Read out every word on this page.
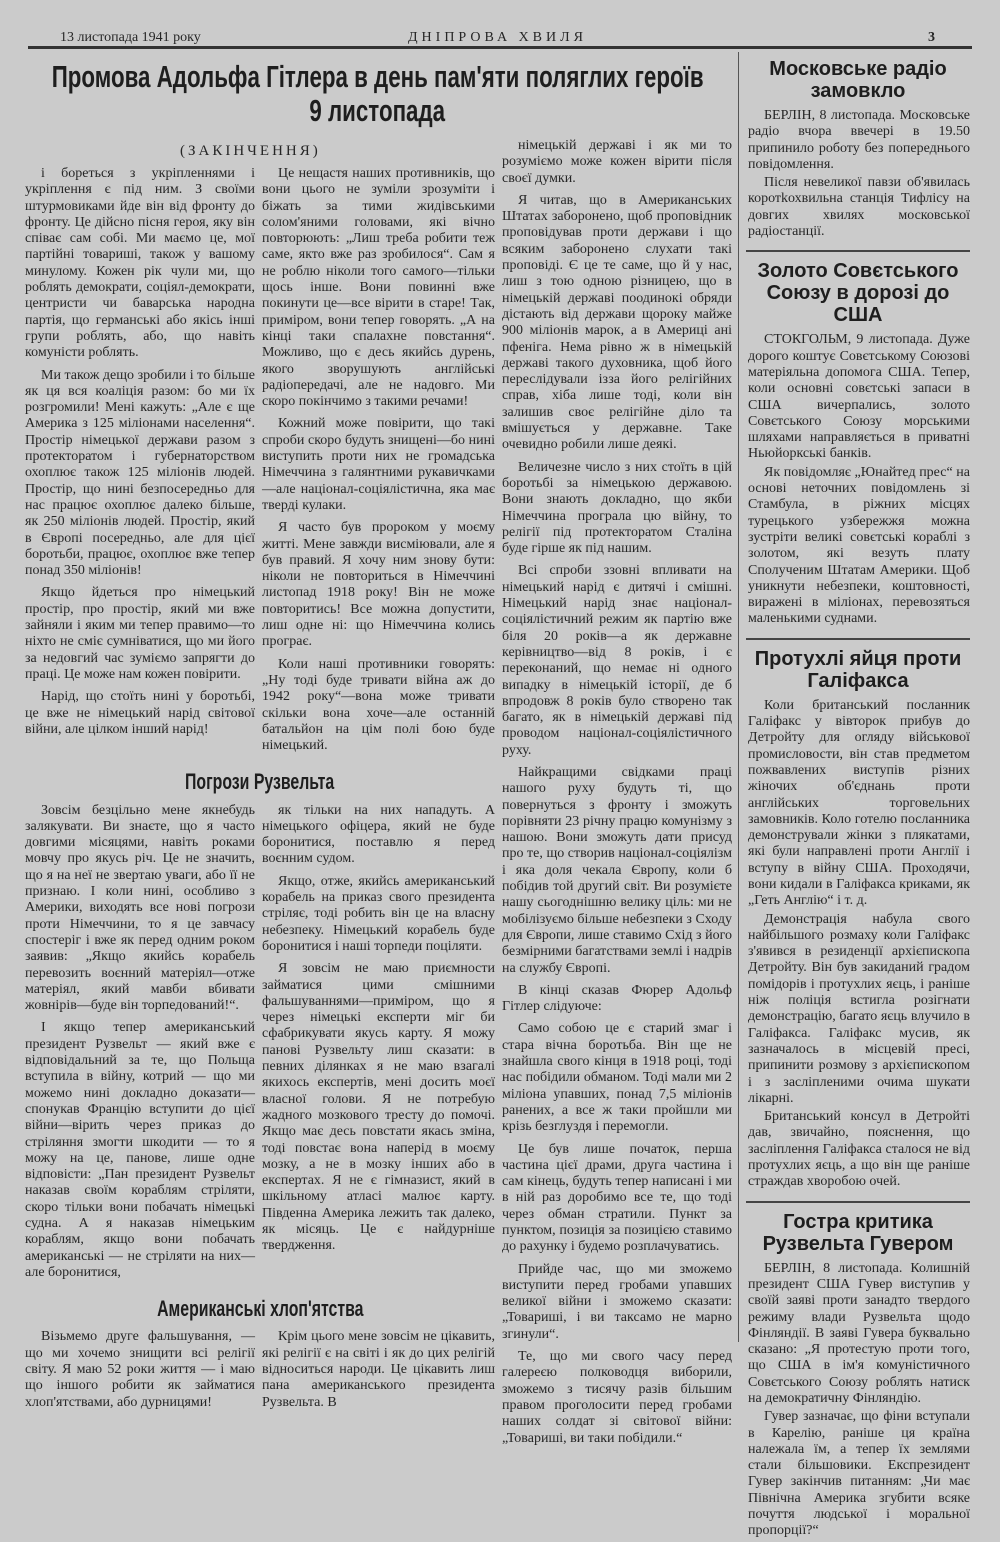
13 листопада 1941 року	ДНІПРОВА ХВИЛЯ	3
Промова Адольфа Гітлера в день пам'яти поляглих героїв
9 листопада
(ЗАКІНЧЕННЯ)

і бореться з укріпленнями і укріплення є під ним. З своїми штурмовиками йде він від фронту до фронту. Це дійсно пісня героя, яку він співає сам собі. Ми маємо це, мої партійні товариші, також у вашому минулому. Кожен рік чули ми, що роблять демократи, соціял-демократи, центристи чи баварська народна партія, що германські або якісь інші групи роблять, або, що навіть комуністи роблять.

Ми також дещо зробили і то більше як ця вся коаліція разом: бо ми їх розгромили! Мені кажуть: „Але є ще Америка з 125 міліонами населення“. Простір німецької держави разом з протекторатом і губернаторством охоплює також 125 міліонів людей. Простір, що нині безпосередньо для нас працює охоплює далеко більше, як 250 міліонів людей. Простір, який в Європі посередньо, але для цієї боротьби, працює, охоплює вже тепер понад 350 міліонів!

Якщо йдеться про німецький простір, про простір, який ми вже зайняли і яким ми тепер правимо—то ніхто не сміє сумніватися, що ми його за недовгий час зуміємо запрягти до праці. Це може нам кожен повірити.

Нарід, що стоїть нині у боротьбі, це вже не німецький нарід світової війни, але цілком інший нарід!

Це нещастя наших противників, що вони цього не зуміли зрозуміти і біжать за тими жидівськими солом'яними головами, які вічно повторюють: „Лиш треба робити теж саме, якто вже раз зробилося“. Сам я не роблю ніколи того самого—тільки щось інше. Вони повинні вже покинути це—все вірити в старе! Так, приміром, вони тепер говорять. „А на кінці таки спалахне повстання“. Можливо, що є десь якийсь дурень, якого зворушують англійські радіопередачі, але не надовго. Ми скоро покінчимо з такими речами!

Кожний може повірити, що такі спроби скоро будуть знищені—бо нині виступить проти них не громадська Німеччина з галянтними рукавичками—але націонал-соціялістична, яка має тверді кулаки.

Я часто був пророком у моєму житті. Мене завжди висміювали, але я був правий. Я хочу ним знову бути: ніколи не повториться в Німеччині листопад 1918 року! Він не може повторитись! Все можна допустити, лиш одне ні: що Німеччина колись програє.

Коли наші противники говорять: „Ну тоді буде тривати війна аж до 1942 року“—вона може тривати скільки вона хоче—але останній батальйон на цім полі бою буде німецький.

Погрози Рузвельта

Зовсім безцільно мене якнебудь залякувати. Ви знаєте, що я часто довгими місяцями, навіть роками мовчу про якусь річ. Це не значить, що я на неї не звертаю уваги, або її не признаю. І коли нині, особливо з Америки, виходять все нові погрози проти Німеччини, то я це завчасу спостеріг і вже як перед одним роком заявив: „Якщо якийсь корабель перевозить воєнний матеріял—отже матеріял, який мавби вбивати жовнірів—буде він торпедований!“.

І якщо тепер американський президент Рузвельт — який вже є відповідальний за те, що Польща вступила в війну, котрий — що ми можемо нині докладно доказати—спонукав Францію вступити до цієї війни—вірить через приказ до стріляння змогти шкодити — то я можу на це, панове, лише одне відповісти: „Пан президент Рузвельт наказав своїм кораблям стріляти, скоро тільки вони побачать німецькі судна. А я наказав німецьким кораблям, якщо вони побачать американські — не стріляти на них—але боронитися,

як тільки на них нападуть. А німецького офіцера, який не буде боронитися, поставлю я перед воєнним судом.

Якщо, отже, якийсь американський корабель на приказ свого президента стріляє, тоді робить він це на власну небезпеку. Німецький корабель буде боронитися і наші торпеди поціляти.

Я зовсім не маю приємности займатися цими смішними фальшуваннями—приміром, що я через німецькі експерти міг би сфабрикувати якусь карту. Я можу панові Рузвельту лиш сказати: в певних ділянках я не маю взагалі якихось експертів, мені досить моєї власної голови. Я не потребую жадного мозкового тресту до помочі. Якщо має десь повстати якась зміна, тоді повстає вона наперід в моєму мозку, а не в мозку інших або в експертах. Я не є гімназист, який в шкільному атласі малює карту. Південна Америка лежить так далеко, як місяць. Це є найдурніше твердження.

Американські хлоп'ятства

Візьмемо друге фальшування, — що ми хочемо знищити всі релігії світу. Я маю 52 роки життя — і маю що іншого робити як займатися хлоп'ятствами, або дурницями!

Крім цього мене зовсім не цікавить, які релігії є на світі і як до цих релігій відноситься народи. Це цікавить лиш пана американського президента Рузвельта. В

німецькій державі і як ми то розуміємо може кожен вірити після своєї думки.

Я читав, що в Американських Штатах заборонено, щоб проповідник проповідував проти держави і що всяким заборонено слухати такі проповіді. Є це те саме, що й у нас, лиш з тою одною різницею, що в німецькій державі поодинокі обряди дістають від держави щороку майже 900 міліонів марок, а в Америці ані пфеніга. Нема рівно ж в німецькій державі такого духовника, щоб його переслідували ізза його релігійних справ, хіба лише тоді, коли він залишив своє релігійне діло та вмішується у державне. Таке очевидно робили лише деякі.

Величезне число з них стоїть в цій боротьбі за німецькою державою. Вони знають докладно, що якби Німеччина програла цю війну, то релігії під протекторатом Сталіна буде гірше як під нашим.

Всі спроби ззовні впливати на німецький нарід є дитячі і смішні. Німецький нарід знає націонал-соціялістичний режим як партію вже біля 20 років—а як державне керівництво—від 8 років, і є переконаний, що немає ні одного випадку в німецькій історії, де б впродовж 8 років було створено так багато, як в німецькій державі під проводом націонал-соціялістичного руху.

Найкращими свідками праці нашого руху будуть ті, що повернуться з фронту і зможуть порівняти 23 річну працю комунізму з нашою. Вони зможуть дати присуд про те, що створив націонал-соціялізм і яка доля чекала Європу, коли б побідив той другий світ. Ви розумієте нашу сьогоднішню велику ціль: ми не мобілізуємо більше небезпеки з Сходу для Європи, лише ставимо Схід з його безмірними багатствами землі і надрів на службу Європі.

В кінці сказав Фюрер Адольф Гітлер слідуюче:

Само собою це є старий змаг і стара вічна боротьба. Він ще не знайшла свого кінця в 1918 році, тоді нас побідили обманом. Тоді мали ми 2 міліона упавших, понад 7,5 міліонів ранених, а все ж таки пройшли ми крізь безглуздя і перемогли.

Це був лише початок, перша частина цієї драми, друга частина і сам кінець, будуть тепер написані і ми в ній раз доробимо все те, що тоді через обман стратили. Пункт за пунктом, позиція за позицією ставимо до рахунку і будемо розплачуватись.

Прийде час, що ми зможемо виступити перед гробами упавших великої війни і зможемо сказати: „Товариші, і ви таксамо не марно згинули“.

Те, що ми свого часу перед галереєю полководця виборили, зможемо з тисячу разів більшим правом проголосити перед гробами наших солдат зі світової війни: „Товариші, ви таки побідили.“

Московське радіо замовкло

БЕРЛІН, 8 листопада. Московське радіо вчора ввечері в 19.50 припинило роботу без попереднього повідомлення.

Після невеликої павзи об'явилась коротkохвильна станція Тифлісу на довгих хвилях московської радіостанції.

Золото Совєтського Союзу в дорозі до США

СТОКГОЛЬМ, 9 листопада. Дуже дорого коштує Совєтському Союзові матеріяльна допомога США. Тепер, коли основні совєтські запаси в США вичерпались, золото Совєтського Союзу морськими шляхами направляється в приватні Ньюйоркські банків.

Як повідомляє „Юнайтед прес“ на основі неточних повідомлень зі Стамбула, в ріжних місцях турецького узбережжя можна зустріти великі совєтські кораблі з золотом, які везуть плату Сполученим Штатам Америки. Щоб уникнути небезпеки, коштовності, виражені в міліонах, перевозяться маленькими суднами.

Протухлі яйця проти Галіфакса

Коли британський посланник Галіфакс у вівторок прибув до Детройту для огляду військової промисловости, він став предметом пожвавлених виступів різних жіночих об'єднань проти англійських торговельних замовників. Коло готелю посланника демонстрували жінки з плякатами, які були направлені проти Англії і вступу в війну США. Проходячи, вони кидали в Галіфакса криками, як „Геть Англію“ і т. д.

Демонстрація набула свого найбільшого розмаху коли Галіфакс з'явився в резиденції архієпископа Детройту. Він був закиданий градом помідорів і протухлих яєць, і раніше ніж поліція встигла розігнати демонстрацію, багато яєць влучило в Галіфакса. Галіфакс мусив, як зазначалось в місцевій пресі, припинити розмову з архієпископом і з засліпленими очима шукати лікарні.

Британський консул в Детройті дав, звичайно, пояснення, що засліплення Галіфакса сталося не від протухлих яєць, а що він ще раніше страждав хворобою очей.

Гостра критика Рузвельта Гувером

БЕРЛІН, 8 листопада. Колишній президент США Гувер виступив у своїй заяві проти занадто твердого режиму влади Рузвельта щодо Фінляндії. В заяві Гувера буквально сказано: „Я протестую проти того, що США в ім'я комуністичного Совєтського Союзу роблять натиск на демократичну Фінляндію.

Гувер зазначає, що фіни вступали в Карелію, раніше ця країна належала їм, а тепер їх землями стали більшовики. Експрезидент Гувер закінчив питанням: „Чи має Північна Америка згубити всяке почуття людської і моральної пропорції?“
